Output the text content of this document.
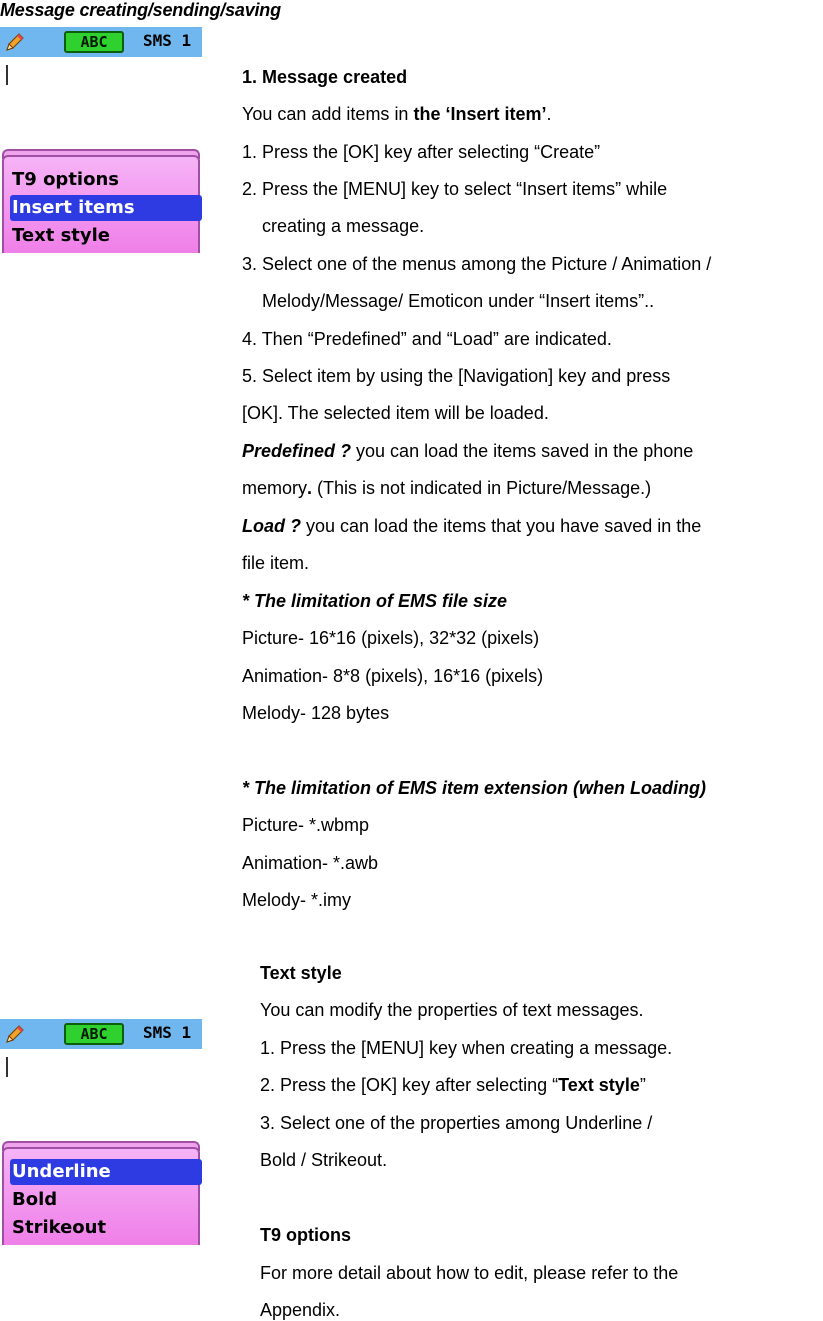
Message creating/sending/saving
ABC	SMS 1
T9 options
Insert items
Text style
ABC	SMS 1
Underline
Bold
Strikeout
1. Message created
You can add items in the ‘Insert item’.
1. Press the [OK] key after selecting “Create”
2. Press the [MENU] key to select “Insert items” while
creating a message.
3. Select one of the menus among the Picture / Animation /
Melody/Message/ Emoticon under “Insert items”..
4. Then “Predefined” and “Load” are indicated.
5. Select item by using the [Navigation] key and press
[OK]. The selected item will be loaded.
Predefined ? you can load the items saved in the phone
memory. (This is not indicated in Picture/Message.)
Load ? you can load the items that you have saved in the
file item.
* The limitation of EMS file size
Picture- 16*16 (pixels), 32*32 (pixels)
Animation- 8*8 (pixels), 16*16 (pixels)
Melody- 128 bytes
* The limitation of EMS item extension (when Loading)
Picture- *.wbmp
Animation- *.awb
Melody- *.imy
Text style
You can modify the properties of text messages.
1. Press the [MENU] key when creating a message.
2. Press the [OK] key after selecting “Text style”
3. Select one of the properties among Underline /
Bold / Strikeout.
T9 options
For more detail about how to edit, please refer to the
Appendix.
